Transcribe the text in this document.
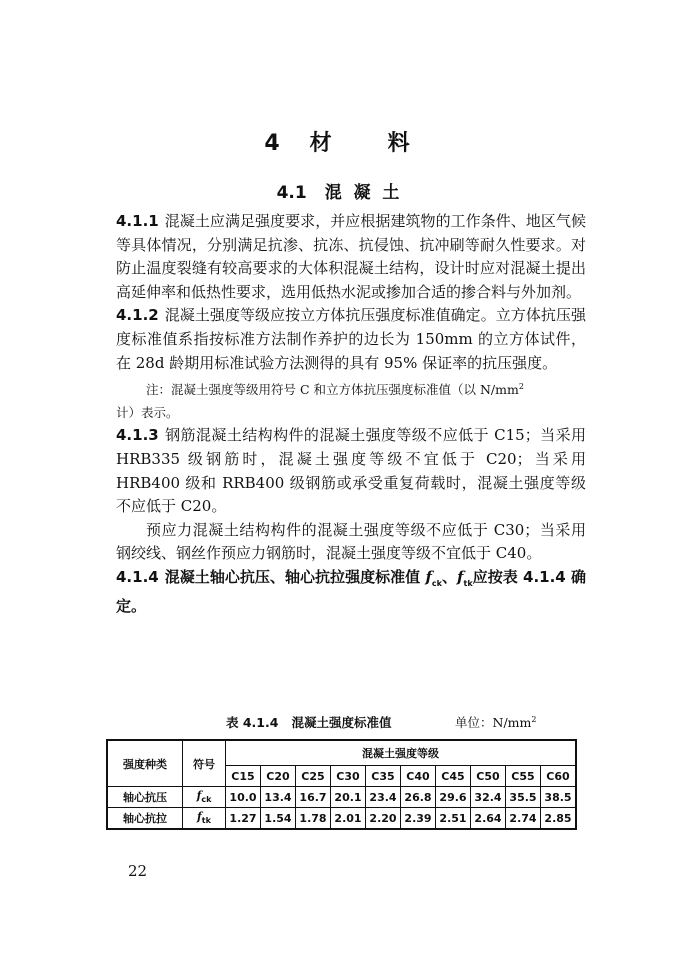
4 材 料
4.1 混  凝  土

4.1.1 混凝土应满足强度要求，并应根据建筑物的工作条件、地区气候等具体情况，分别满足抗渗、抗冻、抗侵蚀、抗冲刷等耐久性要求。对防止温度裂缝有较高要求的大体积混凝土结构，设计时应对混凝土提出高延伸率和低热性要求，选用低热水泥或掺加合适的掺合料与外加剂。

4.1.2 混凝土强度等级应按立方体抗压强度标准值确定。立方体抗压强度标准值系指按标准方法制作养护的边长为 150mm 的立方体试件，在 28d 龄期用标准试验方法测得的具有 95% 保证率的抗压强度。

注：混凝土强度等级用符号 C 和立方体抗压强度标准值（以 $N/mm^2$

计）表示。

4.1.3 钢筋混凝土结构构件的混凝土强度等级不应低于 C15；当采用 HRB335 级钢筋时，混凝土强度等级不宜低于 C20；当采用 HRB400 级和 RRB400 级钢筋或承受重复荷载时，混凝土强度等级不应低于 C20。

预应力混凝土结构构件的混凝土强度等级不应低于 C30；当采用钢绞线、钢丝作预应力钢筋时，混凝土强度等级不宜低于 C40。

4.1.4 混凝土轴心抗压、轴心抗拉强度标准值 $f_{ck}$、$f_{tk}$应按表 4.1.4 确定。

表 4.1.4   混凝土强度标准值	单位：$N/mm^2$
强度种类	符号	混凝土强度等级									
		C15	C20	C25	C30	C35	C40	C45	C50	C55	C60
轴心抗压	$f_{ck}$	10.0	13.4	16.7	20.1	23.4	26.8	29.6	32.4	35.5	38.5
轴心抗拉	$f_{tk}$	1.27	1.54	1.78	2.01	2.20	2.39	2.51	2.64	2.74	2.85
22
